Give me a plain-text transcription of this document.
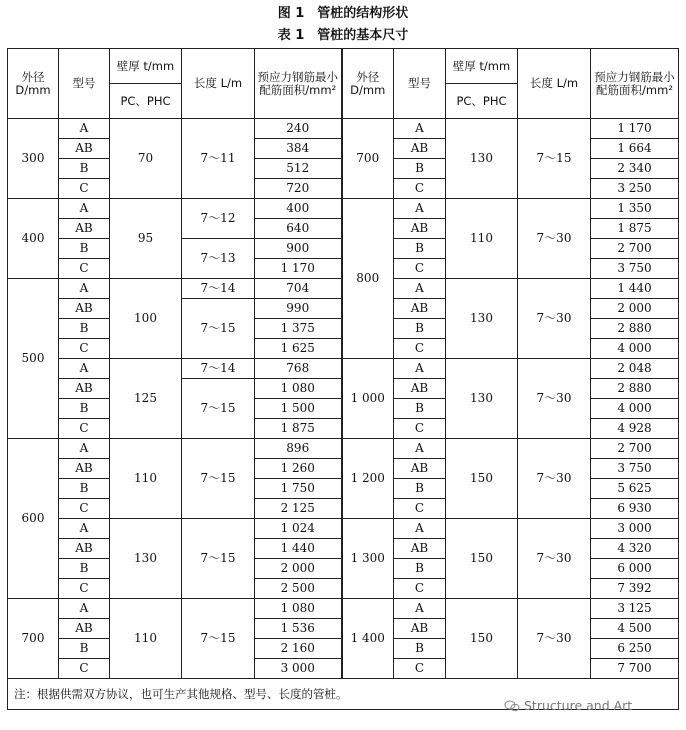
图 1　管桩的结构形状
表 1　管桩的基本尺寸
外径 D/mm	型号	壁厚 t/mm	长度 L/m	预应力钢筋最小配筋面积/mm²	外径 D/mm	型号	壁厚 t/mm	长度 L/m	预应力钢筋最小配筋面积/mm²
		PC、PHC					PC、PHC		
300	A	70	7～11	240	700	A	130	7～15	1 170
	AB			384		AB			1 664
	B			512		B			2 340
	C			720		C			3 250
400	A	95	7～12	400	800	A	110	7～30	1 350
	AB			640		AB			1 875
	B		7～13	900		B			2 700
	C			1 170		C			3 750
500	A	100	7～14	704		A	130	7～30	1 440
	AB		7～15	990		AB			2 000
	B			1 375		B			2 880
	C			1 625		C			4 000
	A	125	7～14	768	1 000	A	130	7～30	2 048
	AB		7～15	1 080		AB			2 880
	B			1 500		B			4 000
	C			1 875		C			4 928
600	A	110	7～15	896	1 200	A	150	7～30	2 700
	AB			1 260		AB			3 750
	B			1 750		B			5 625
	C			2 125		C			6 930
	A	130	7～15	1 024	1 300	A	150	7～30	3 000
	AB			1 440		AB			4 320
	B			2 000		B			6 000
	C			2 500		C			7 392
700	A	110	7～15	1 080	1 400	A	150	7～30	3 125
	AB			1 536		AB			4 500
	B			2 160		B			6 250
	C			3 000		C			7 700
注：根据供需双方协议，也可生产其他规格、型号、长度的管桩。									
Structure and Art
